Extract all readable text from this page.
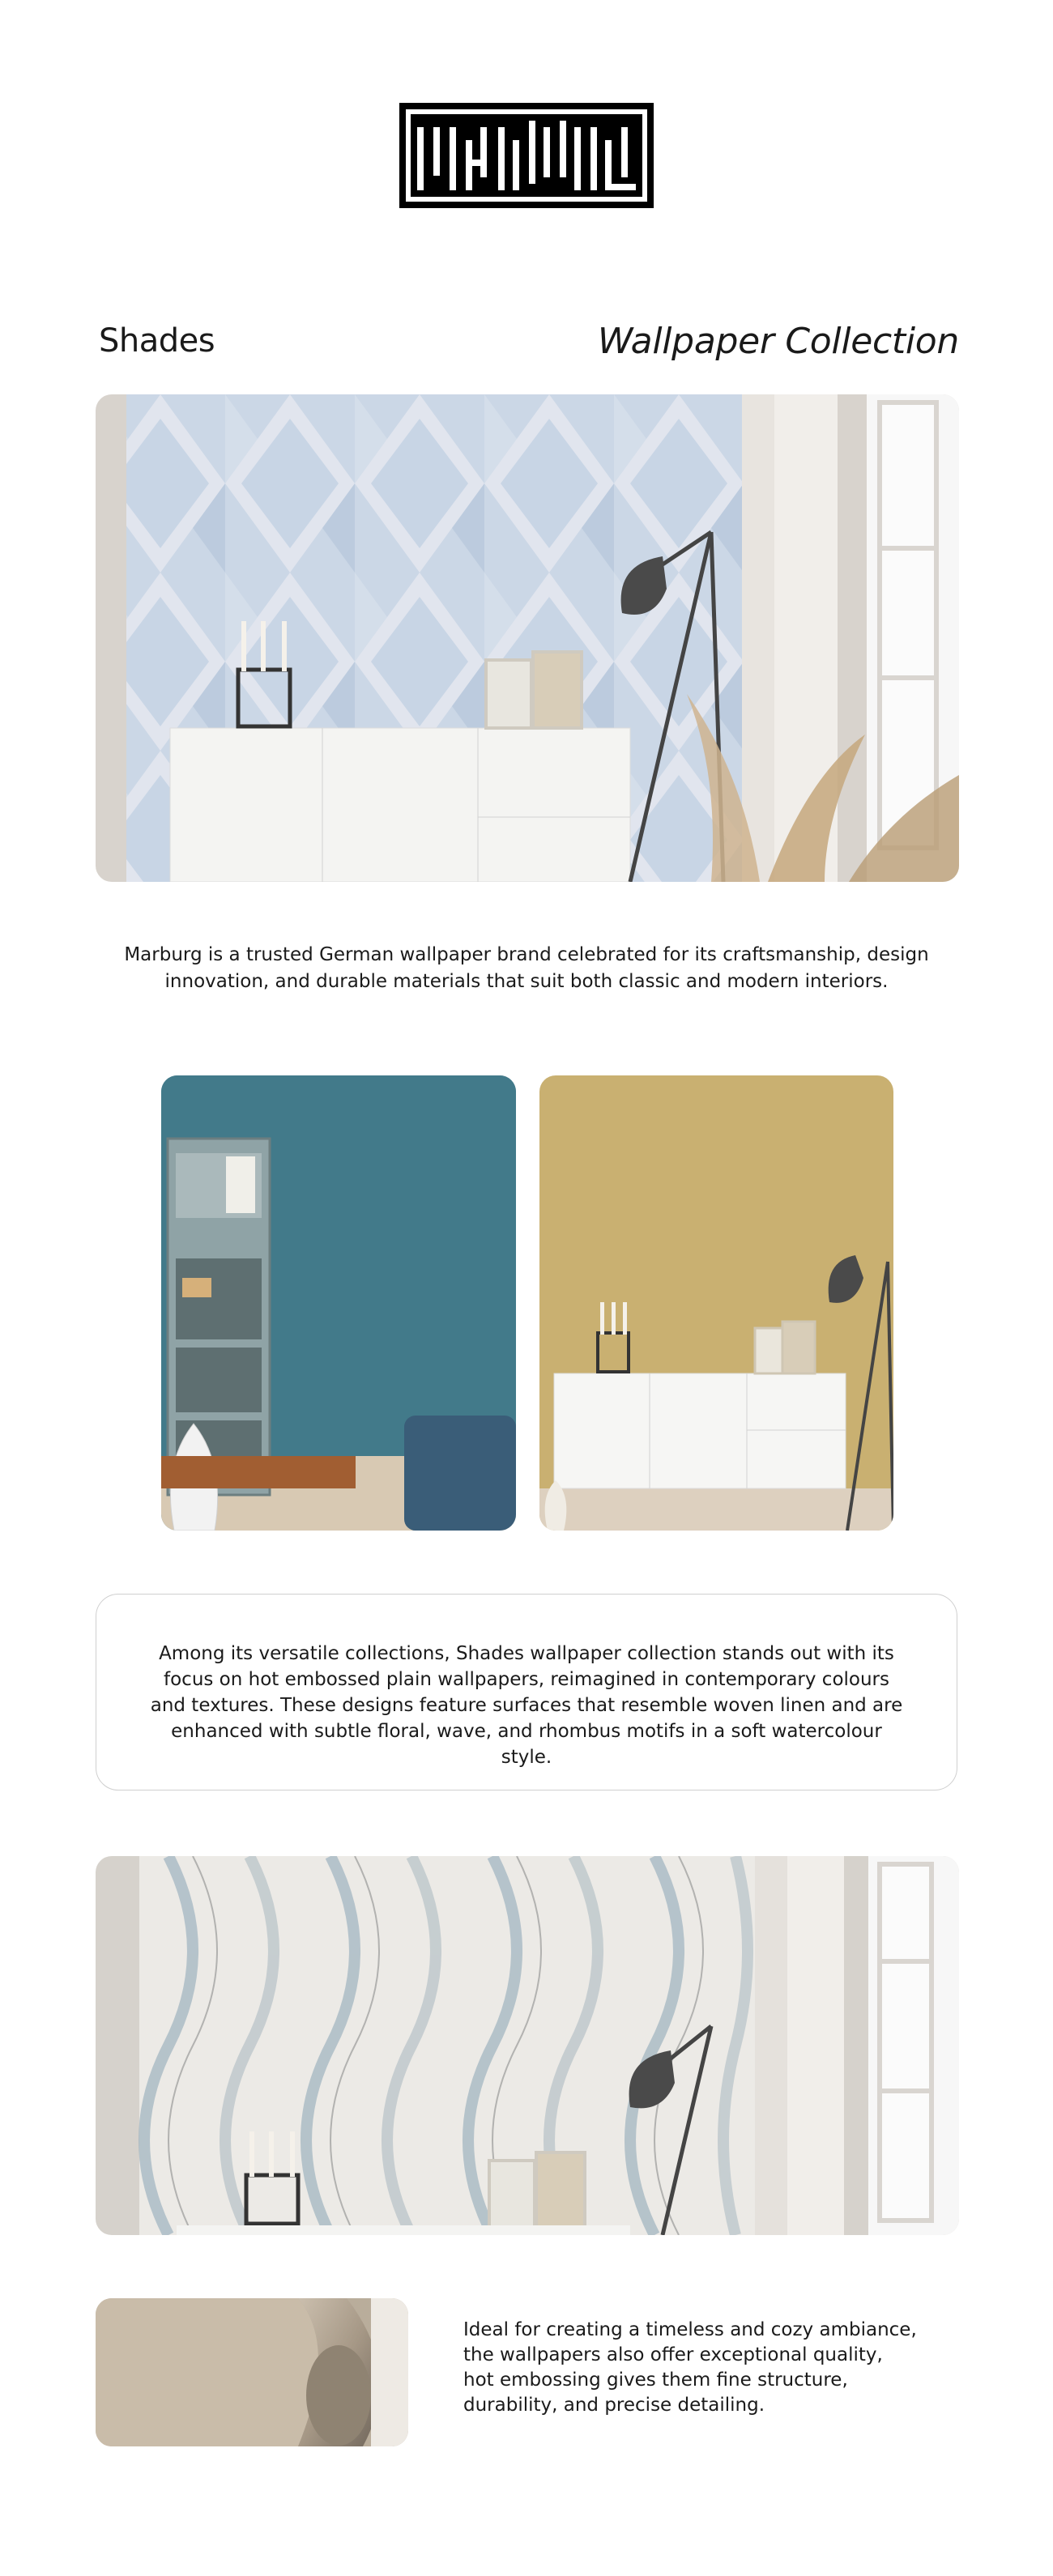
Shades	Wallpaper Collection
Marburg is a trusted German wallpaper brand celebrated for its craftsmanship, design innovation, and durable materials that suit both classic and modern interiors.
Among its versatile collections, Shades wallpaper collection stands out with its focus on hot embossed plain wallpapers, reimagined in contemporary colours and textures. These designs feature surfaces that resemble woven linen and are enhanced with subtle floral, wave, and rhombus motifs in a soft watercolour style.
Ideal for creating a timeless and cozy ambiance, the wallpapers also offer exceptional quality, hot embossing gives them fine structure, durability, and precise detailing.
